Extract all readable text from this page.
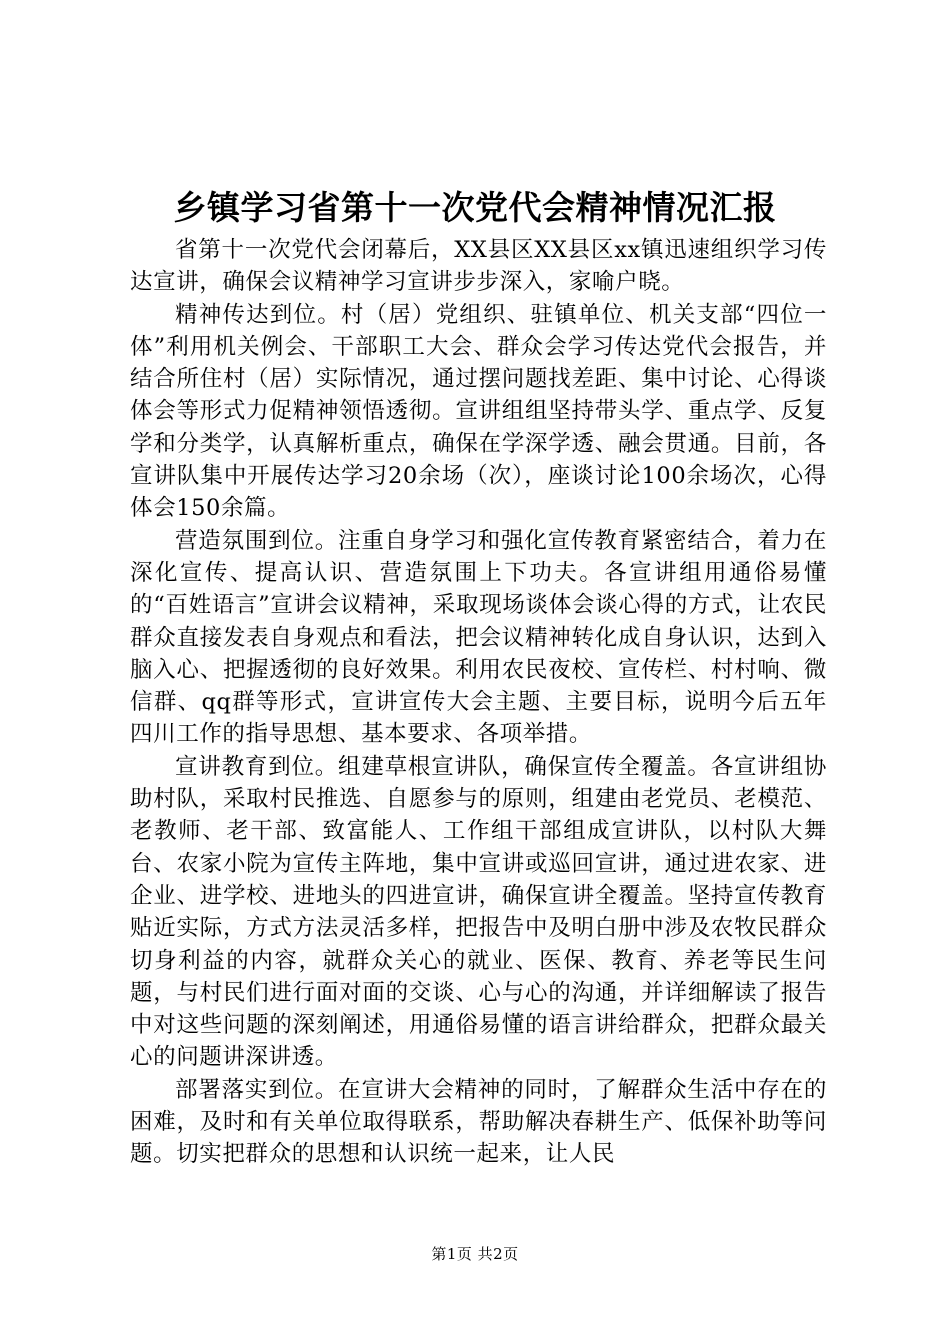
乡镇学习省第十一次党代会精神情况汇报

省第十一次党代会闭幕后，XX县区XX县区xx镇迅速组织学习传达宣讲，确保会议精神学习宣讲步步深入，家喻户晓。

精神传达到位。村（居）党组织、驻镇单位、机关支部“四位一体”利用机关例会、干部职工大会、群众会学习传达党代会报告，并结合所住村（居）实际情况，通过摆问题找差距、集中讨论、心得谈体会等形式力促精神领悟透彻。宣讲组组坚持带头学、重点学、反复学和分类学，认真解析重点，确保在学深学透、融会贯通。目前，各宣讲队集中开展传达学习20余场（次），座谈讨论100余场次，心得体会150余篇。

营造氛围到位。注重自身学习和强化宣传教育紧密结合，着力在深化宣传、提高认识、营造氛围上下功夫。各宣讲组用通俗易懂的“百姓语言”宣讲会议精神，采取现场谈体会谈心得的方式，让农民群众直接发表自身观点和看法，把会议精神转化成自身认识，达到入脑入心、把握透彻的良好效果。利用农民夜校、宣传栏、村村响、微信群、qq群等形式，宣讲宣传大会主题、主要目标，说明今后五年四川工作的指导思想、基本要求、各项举措。

宣讲教育到位。组建草根宣讲队，确保宣传全覆盖。各宣讲组协助村队，采取村民推选、自愿参与的原则，组建由老党员、老模范、老教师、老干部、致富能人、工作组干部组成宣讲队，以村队大舞台、农家小院为宣传主阵地，集中宣讲或巡回宣讲，通过进农家、进企业、进学校、进地头的四进宣讲，确保宣讲全覆盖。坚持宣传教育贴近实际，方式方法灵活多样，把报告中及明白册中涉及农牧民群众切身利益的内容，就群众关心的就业、医保、教育、养老等民生问题，与村民们进行面对面的交谈、心与心的沟通，并详细解读了报告中对这些问题的深刻阐述，用通俗易懂的语言讲给群众，把群众最关心的问题讲深讲透。

部署落实到位。在宣讲大会精神的同时，了解群众生活中存在的困难，及时和有关单位取得联系，帮助解决春耕生产、低保补助等问题。切实把群众的思想和认识统一起来，让人民

第1页 共2页
